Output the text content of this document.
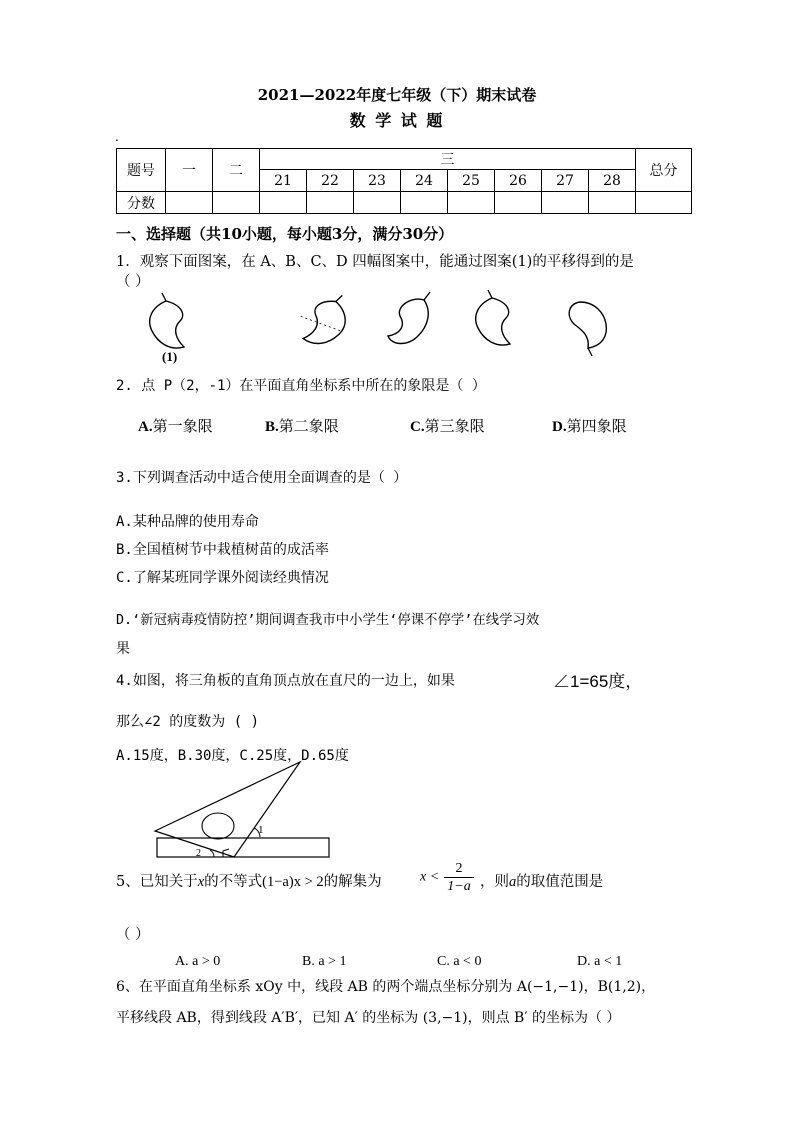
2021—2022年度七年级（下）期末试卷
数 学 试 题
.
题号	一	二	三								总分
			21	22	23	24	25	26	27	28	
分数											
一、选择题（共10小题，每小题3分，满分30分）
1．观察下面图案，在 A、B、C、D 四幅图案中，能通过图案(1)的平移得到的是
（ ）
(1)
2. 点 P（2，-1）在平面直角坐标系中所在的象限是（ ）
A.第一象限	B.第二象限	C.第三象限	D.第四象限
3.下列调查活动中适合使用全面调查的是（ ）
A.某种品牌的使用寿命
B.全国植树节中栽植树苗的成活率
C.了解某班同学课外阅读经典情况
D.‘新冠病毒疫情防控’期间调查我市中小学生‘停课不停学’在线学习效
果
4.如图，将三角板的直角顶点放在直尺的一边上，如果	∠1=65度，
那么∠2 的度数为 ( )
A.15度，B.30度，C.25度，D.65度
1
2
5、已知关于x的不等式(1−a)x > 2的解集为	$x < \frac{2}{1-a}$ ，则a的取值范围是
（ ）
A. a > 0	B. a > 1	C. a < 0	D. a < 1
6、在平面直角坐标系 xOy 中，线段 AB 的两个端点坐标分别为 A(−1,−1)，B(1,2)，
平移线段 AB，得到线段 A′B′，已知 A′ 的坐标为 (3,−1)，则点 B′ 的坐标为（ ）
